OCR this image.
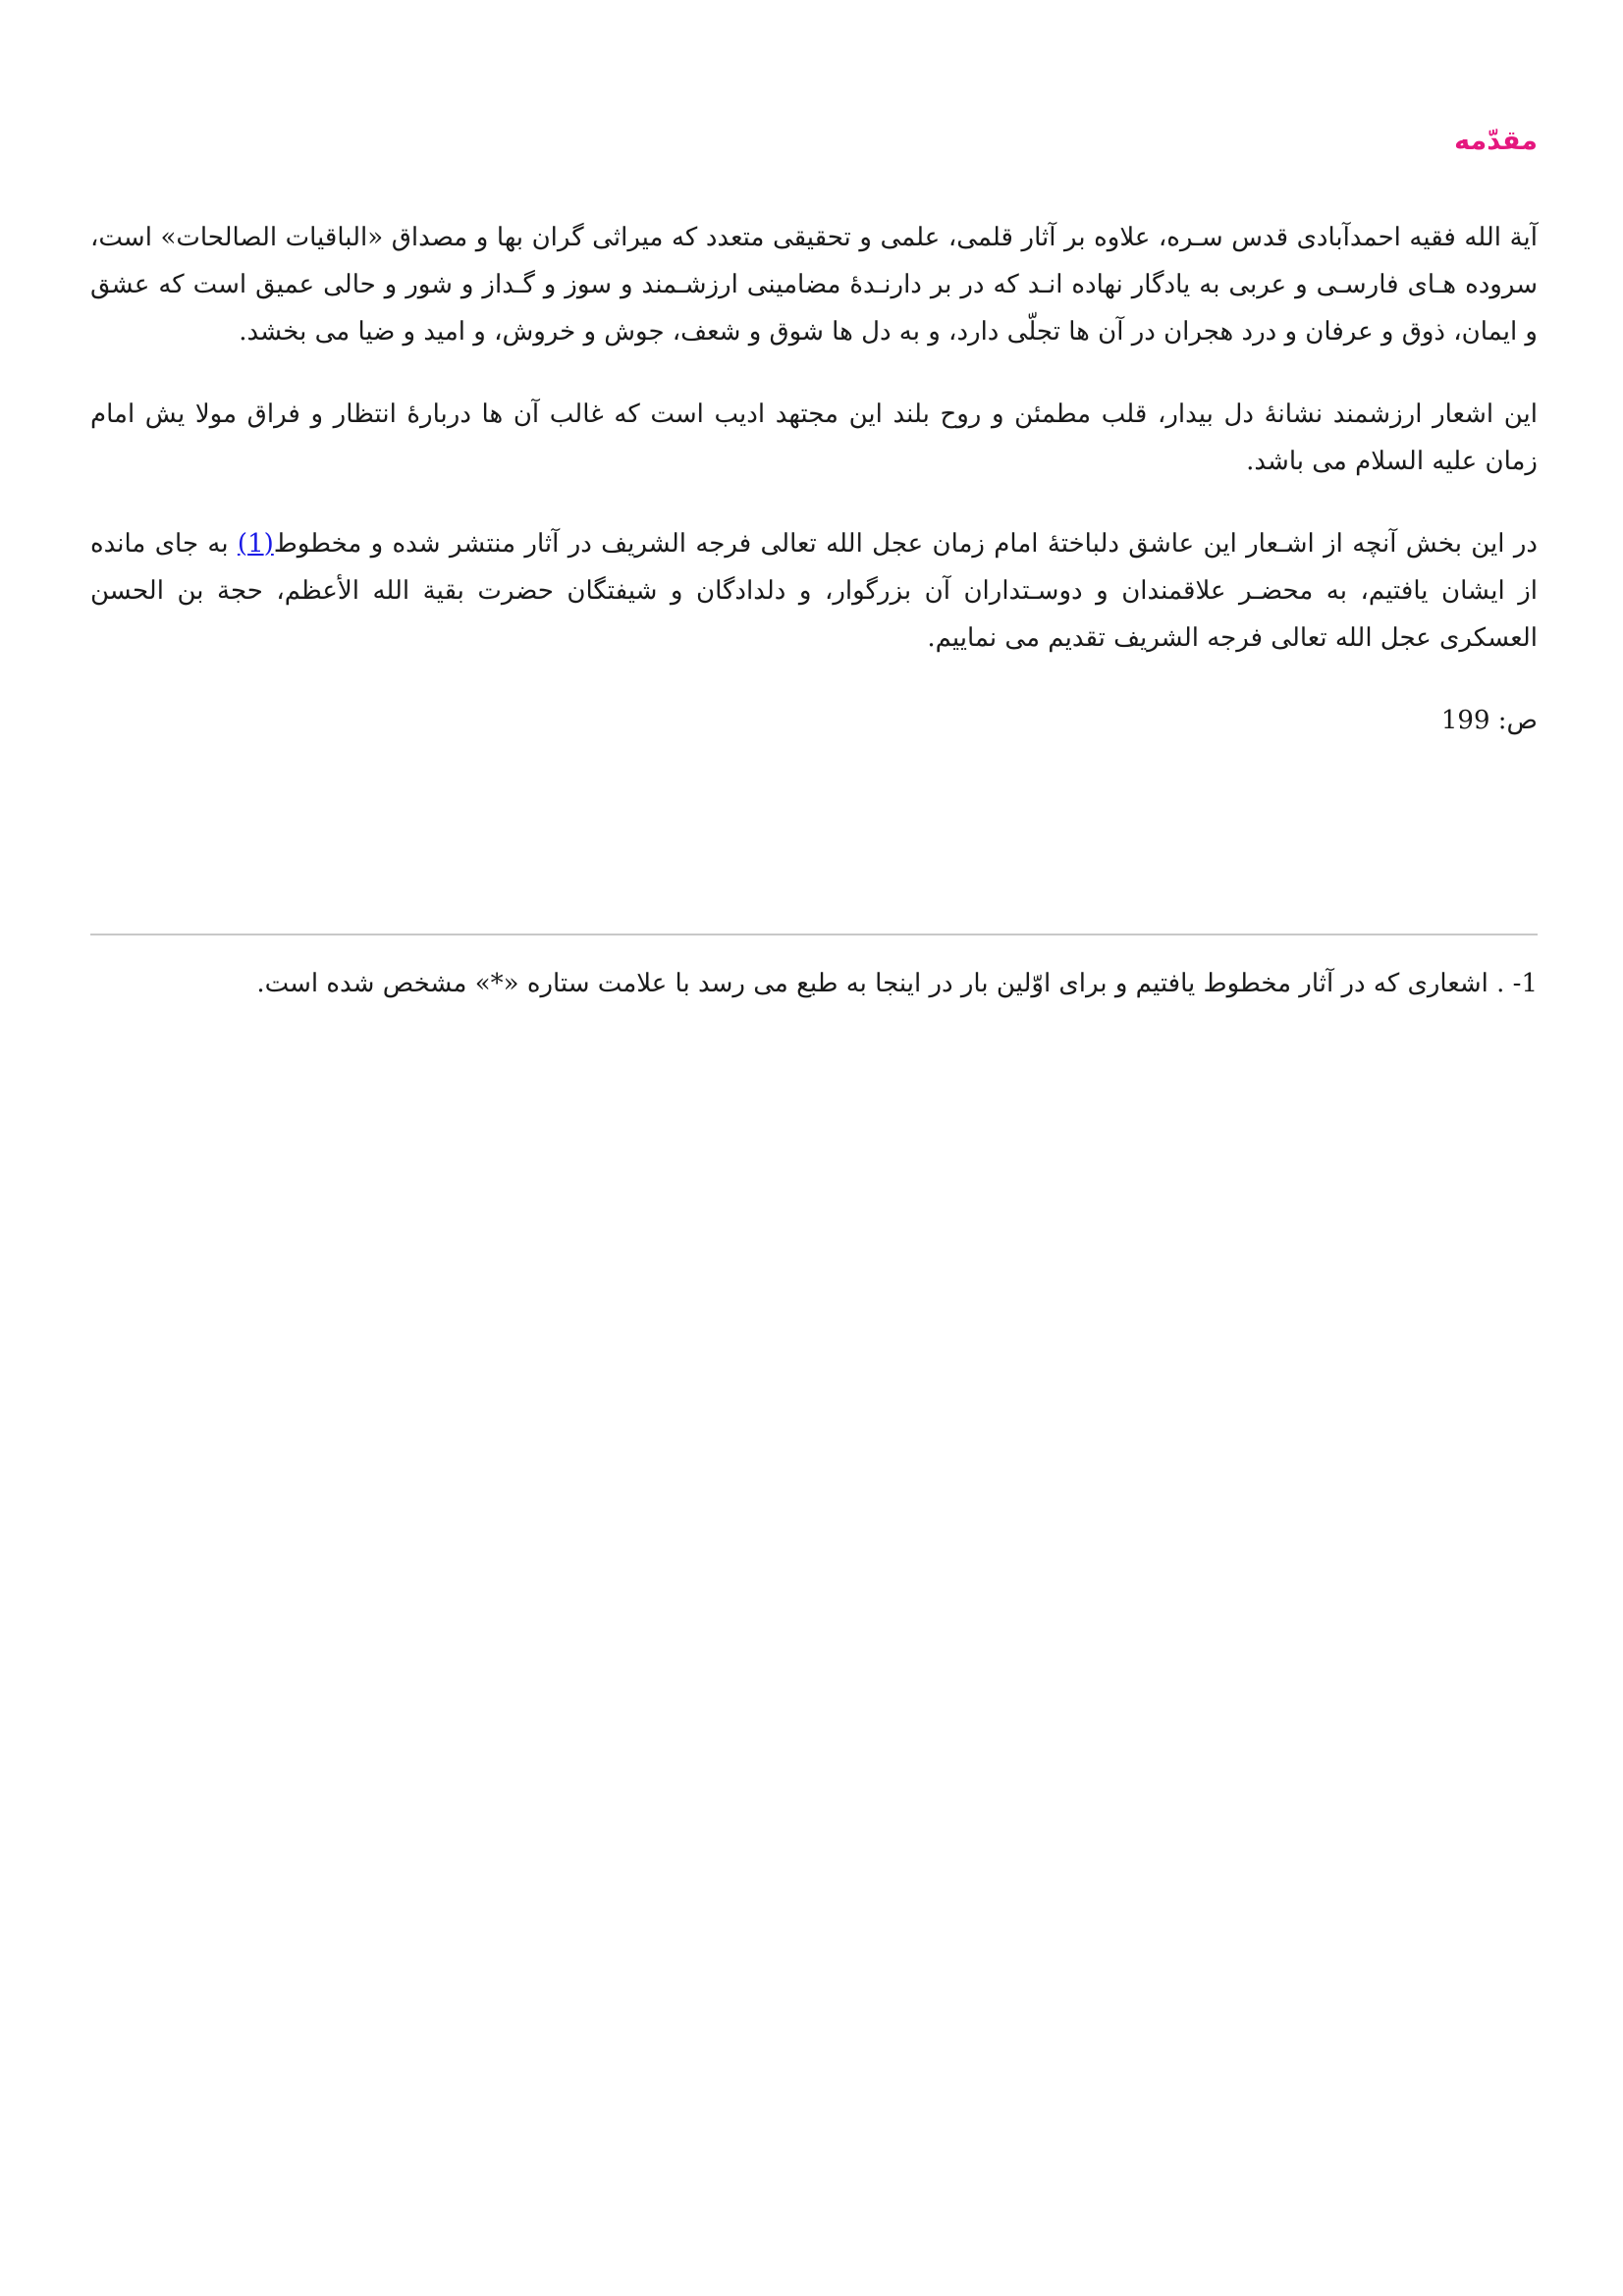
مقدّمه

آیة الله فقیه احمدآبادی قدس سـره، علاوه بر آثار قلمی، علمی و تحقیقی متعدد که میراثی گران بها و مصداق «الباقیات الصالحات» است، سروده هـای فارسـی و عربی به یادگار نهاده انـد که در بر دارنـدهٔ مضامینی ارزشـمند و سوز و گـداز و شور و حالی عمیق است که عشق و ایمان، ذوق و عرفان و درد هجران در آن ها تجلّی دارد، و به دل ها شوق و شعف، جوش و خروش، و امید و ضیا می بخشد.

این اشعار ارزشمند نشانهٔ دل بیدار، قلب مطمئن و روح بلند این مجتهد ادیب است که غالب آن ها دربارهٔ انتظار و فراق مولا یش امام زمان علیه السلام می باشد.

در این بخش آنچه از اشـعار این عاشق دلباختهٔ امام زمان عجل الله تعالی فرجه الشریف در آثار منتشر شده و مخطوط(1) به جای مانده از ایشان یافتیم، به محضـر علاقمندان و دوسـتداران آن بزرگوار، و دلدادگان و شیفتگان حضرت بقیة الله الأعظم، حجة بن الحسن العسکری عجل الله تعالی فرجه الشریف تقدیم می نماییم.

ص: 199

1- . اشعاری که در آثار مخطوط یافتیم و برای اوّلین بار در اینجا به طبع می رسد با علامت ستاره «*» مشخص شده است.
